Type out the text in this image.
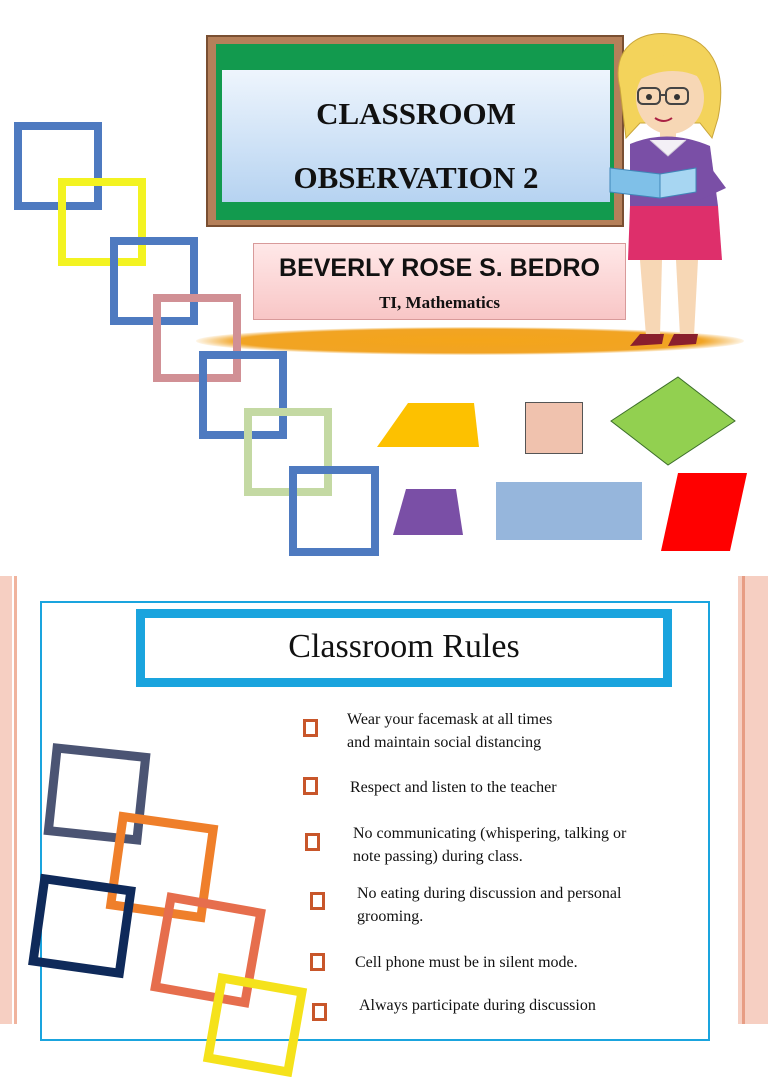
CLASSROOM
OBSERVATION 2
BEVERLY ROSE S. BEDRO
TI, Mathematics
Classroom Rules
Wear your facemask at all times
and maintain social distancing
Respect and listen to the teacher
No communicating (whispering, talking or
note passing) during class.
No eating during discussion and personal
grooming.
Cell phone must be in silent mode.
Always participate during discussion
